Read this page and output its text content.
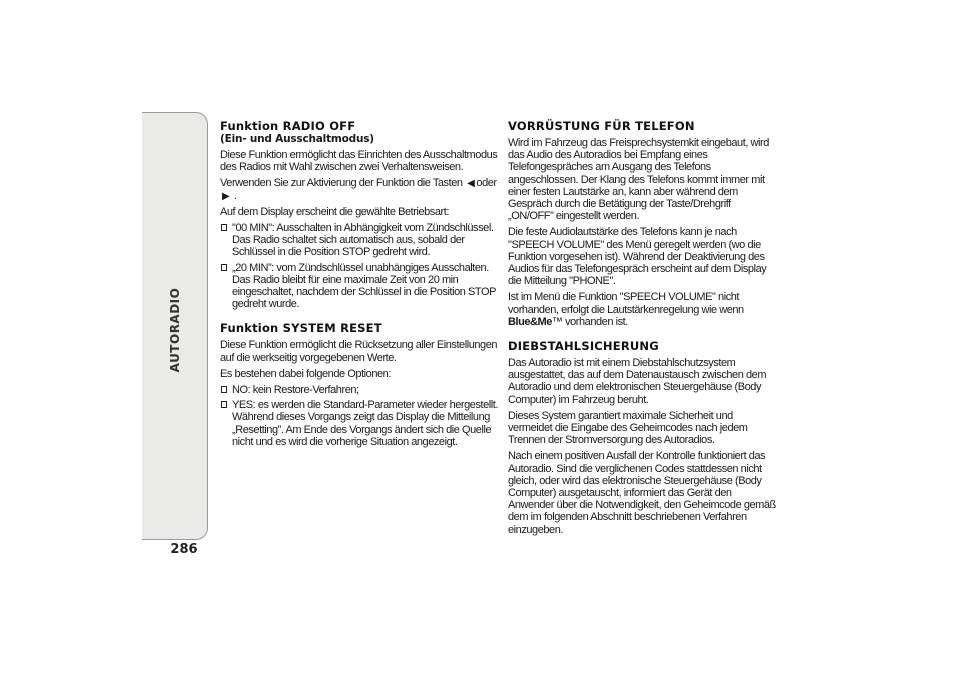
AUTORADIO
286
Funktion RADIO OFF
(Ein- und Ausschaltmodus)

Diese Funktion ermöglicht das Einrichten des Ausschaltmodus des Radios mit Wahl zwischen zwei Verhaltensweisen.

Verwenden Sie zur Aktivierung der Funktion die Tasten ◀ oder
▶ .

Auf dem Display erscheint die gewählte Betriebsart:

"00 MIN": Ausschalten in Abhängigkeit vom Zündschlüssel. Das Radio schaltet sich automatisch aus, sobald der Schlüssel in die Position STOP gedreht wird.
„20 MIN”: vom Zündschlüssel unabhängiges Ausschalten. Das Radio bleibt für eine maximale Zeit von 20 min eingeschaltet, nachdem der Schlüssel in die Position STOP gedreht wurde.
Funktion SYSTEM RESET

Diese Funktion ermöglicht die Rücksetzung aller Einstellungen auf die werkseitig vorgegebenen Werte.

Es bestehen dabei folgende Optionen:

NO: kein Restore-Verfahren;
YES: es werden die Standard-Parameter wieder hergestellt. Während dieses Vorgangs zeigt das Display die Mitteilung „Resetting”. Am Ende des Vorgangs ändert sich die Quelle nicht und es wird die vorherige Situation angezeigt.
VORRÜSTUNG FÜR TELEFON

Wird im Fahrzeug das Freisprechsystemkit eingebaut, wird das Audio des Autoradios bei Empfang eines Telefongespräches am Ausgang des Telefons angeschlossen. Der Klang des Telefons kommt immer mit einer festen Lautstärke an, kann aber während dem Gespräch durch die Betätigung der Taste/Drehgriff „ON/OFF” eingestellt werden.

Die feste Audiolautstärke des Telefons kann je nach "SPEECH VOLUME" des Menü geregelt werden (wo die Funktion vorgesehen ist). Während der Deaktivierung des Audios für das Telefongespräch erscheint auf dem Display die Mitteilung "PHONE".

Ist im Menü die Funktion "SPEECH VOLUME" nicht vorhanden, erfolgt die Lautstärkenregelung wie wenn Blue&Me™ vorhanden ist.

DIEBSTAHLSICHERUNG

Das Autoradio ist mit einem Diebstahlschutzsystem ausgestattet, das auf dem Datenaustausch zwischen dem Autoradio und dem elektronischen Steuergehäuse (Body Computer) im Fahrzeug beruht.

Dieses System garantiert maximale Sicherheit und vermeidet die Eingabe des Geheimcodes nach jedem Trennen der Stromversorgung des Autoradios.

Nach einem positiven Ausfall der Kontrolle funktioniert das Autoradio. Sind die verglichenen Codes stattdessen nicht gleich, oder wird das elektronische Steuergehäuse (Body Computer) ausgetauscht, informiert das Gerät den Anwender über die Notwendigkeit, den Geheimcode gemäß dem im folgenden Abschnitt beschriebenen Verfahren einzugeben.
